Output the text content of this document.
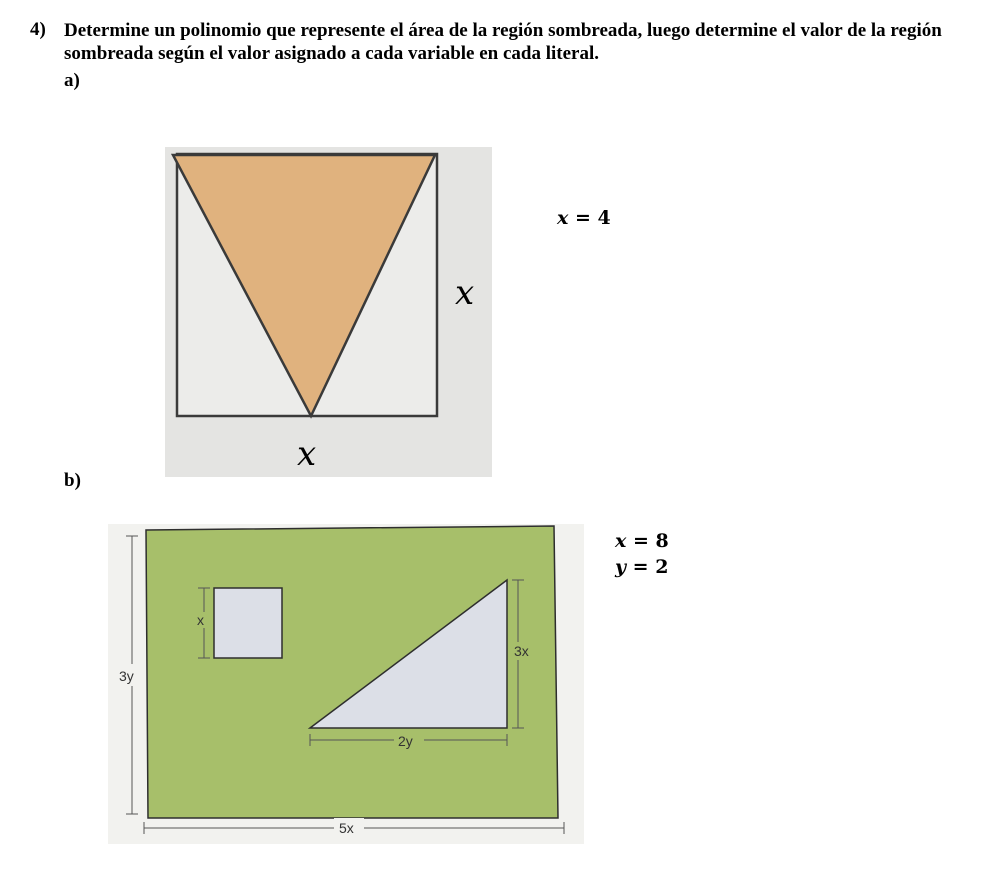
4) Determine un polinomio que represente el área de la región sombreada, luego determine el valor de la región sombreada según el valor asignado a cada variable en cada literal.
a)
x
x
x = 4
b)
3y
5x
x
3x
2y
x = 8
y = 2
